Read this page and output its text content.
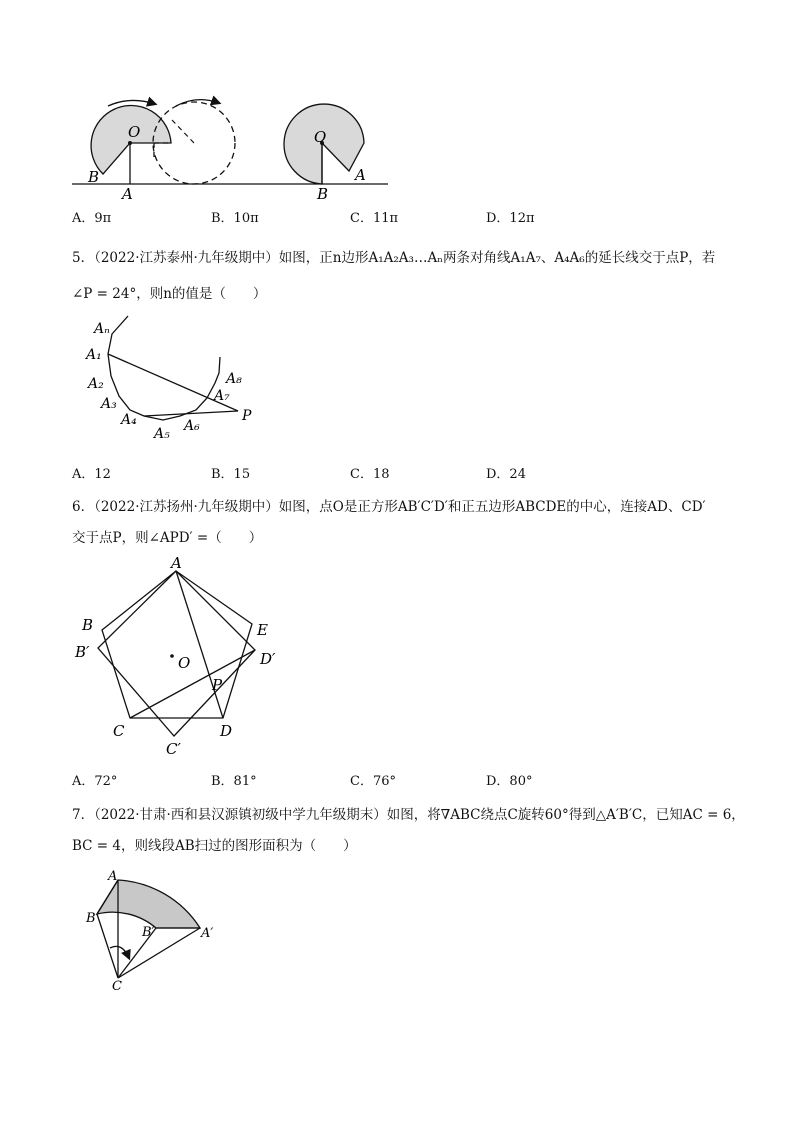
O
B
A
O
B
A
A．9π	B．10π	C．11π	D．12π
5．（2022·江苏泰州·九年级期中）如图，正n边形A₁A₂A₃…Aₙ两条对角线A₁A₇、A₄A₆的延长线交于点P，若
∠P = 24°，则n的值是（　　）
Aₙ
A₁
A₂
A₃
A₄
A₅ A₆
A₇
A₈
P
A．12	B．15	C．18	D．24
6．（2022·江苏扬州·九年级期中）如图，点O是正方形AB′C′D′和正五边形ABCDE的中心，连接AD、CD′
交于点P，则∠APD′ =（　　）
A
B
B′
O
E
D′
P
C	D
C′
A．72°	B．81°	C．76°	D．80°
7．（2022·甘肃·西和县汉源镇初级中学九年级期末）如图，将∇ABC绕点C旋转60°得到△A′B′C，已知AC = 6，
BC = 4，则线段AB扫过的图形面积为（　　）
A
B
B′	A′
C
